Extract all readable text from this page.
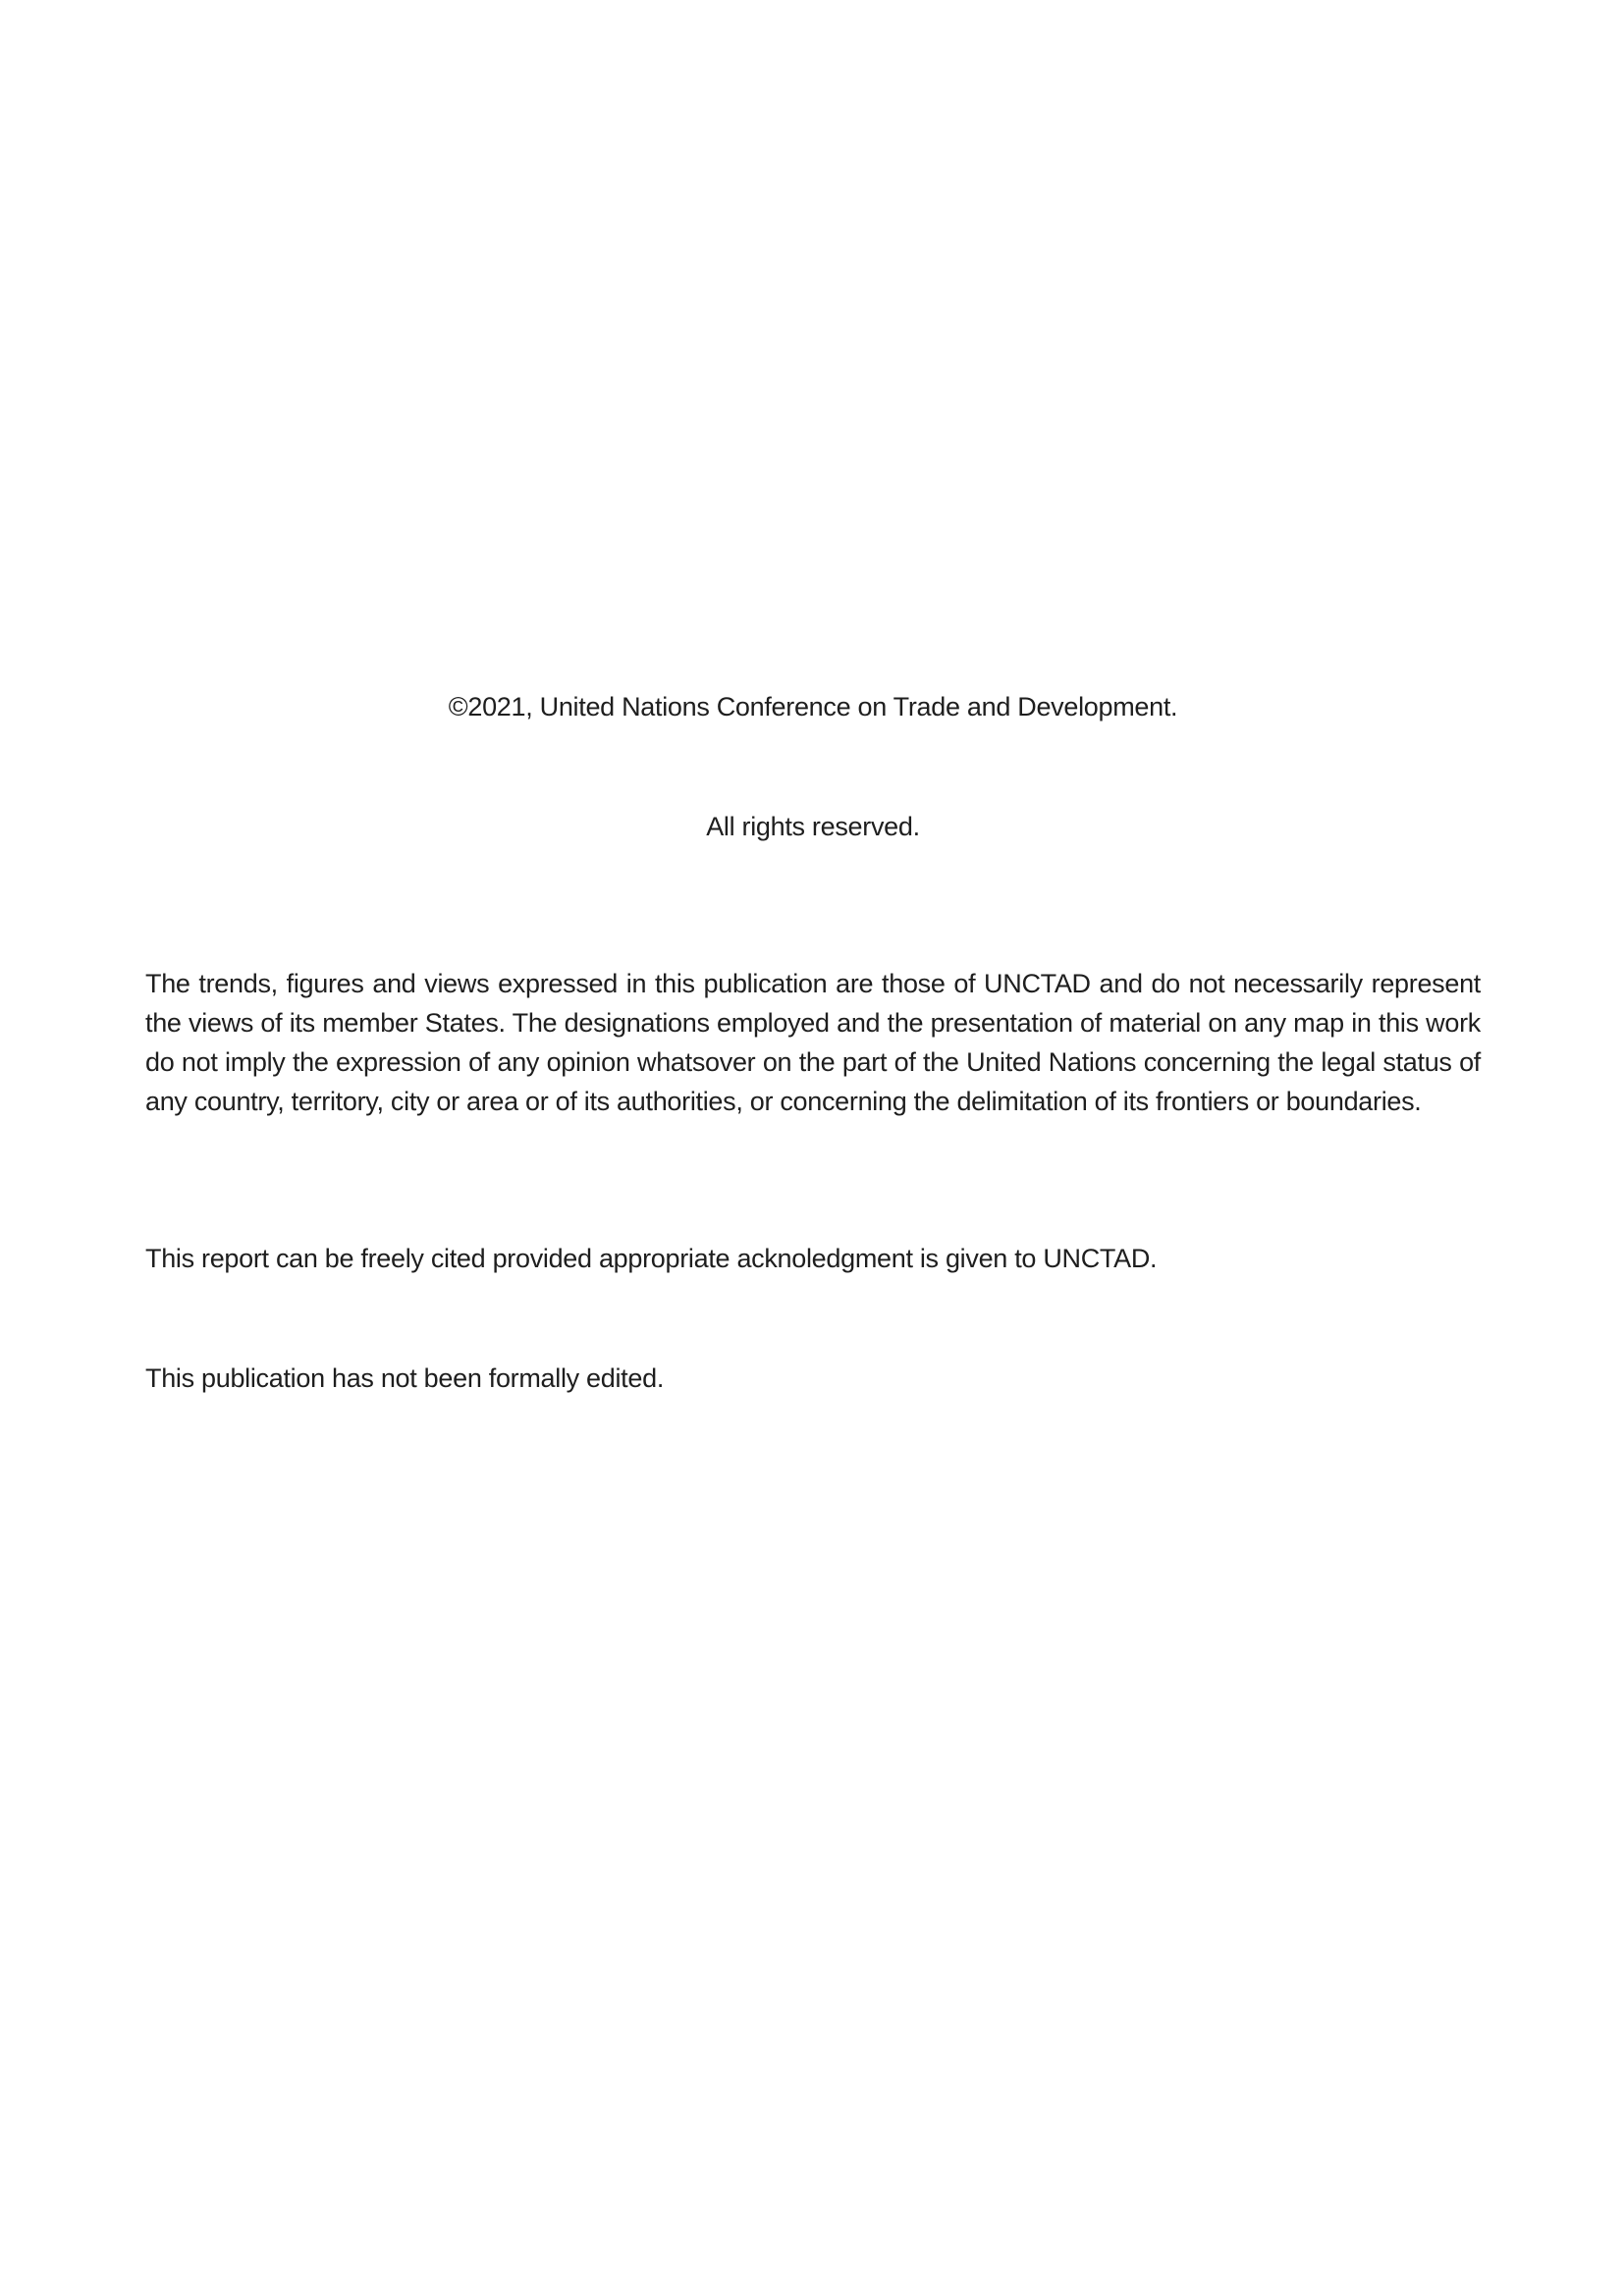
©2021, United Nations Conference on Trade and Development.

All rights reserved.

The trends, figures and views expressed in this publication are those of UNCTAD and do not necessarily represent the views of its member States. The designations employed and the presentation of material on any map in this work do not imply the expression of any opinion whatsover on the part of the United Nations concerning the legal status of any country, territory, city or area or of its authorities, or concerning the delimitation of its frontiers or boundaries.

This report can be freely cited provided appropriate acknoledgment is given to UNCTAD.

This publication has not been formally edited.
